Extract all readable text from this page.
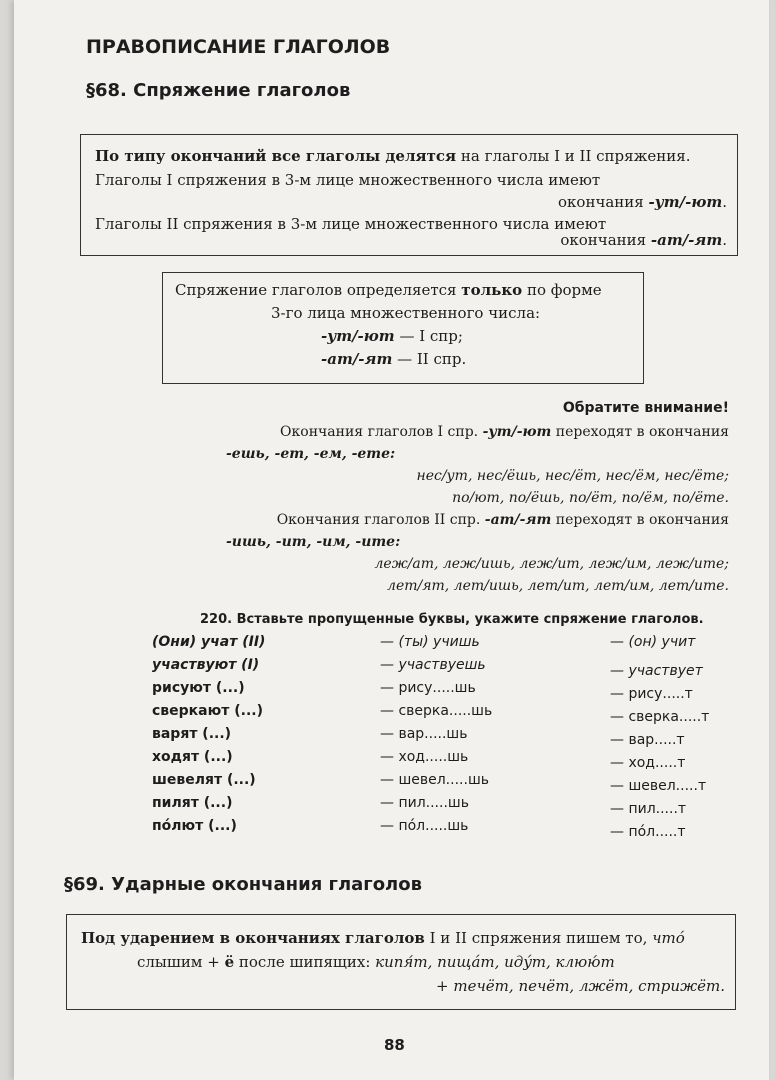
ПРАВОПИСАНИЕ ГЛАГОЛОВ
§68. Спряжение глаголов
По типу окончаний все глаголы делятся на глаголы I и II спряжения.
Глаголы I спряжения в 3-м лице множественного числа имеют
окончания -ут/-ют.
Глаголы II спряжения в 3-м лице множественного числа имеют
окончания -ат/-ят.
Спряжение глаголов определяется только по форме
3-го лица множественного числа:
-ут/-ют — I спр;
-ат/-ят — II спр.
Обратите внимание!
Окончания глаголов I спр. -ут/-ют переходят в окончания
-ешь, -ет, -ем, -ете:
нес/ут, нес/ёшь, нес/ёт, нес/ём, нес/ёте;
по/ют, по/ёшь, по/ёт, по/ём, по/ёте.
Окончания глаголов II спр. -ат/-ят переходят в окончания
-ишь, -ит, -им, -ите:
леж/ат, леж/ишь, леж/ит, леж/им, леж/ите;
лет/ят, лет/ишь, лет/ит, лет/им, лет/ите.
220. Вставьте пропущенные буквы, укажите спряжение глаголов.
(Они) учат (II)	— (ты) учишь	— (он) учит
участвуют (I)	— участвуешь	— участвует
рисуют (...)	— рису.....шь	— рису.....т
сверкают (...)	— сверка.....шь	— сверка.....т
варят (...)	— вар.....шь	— вар.....т
ходят (...)	— ход.....шь	— ход.....т
шевелят (...)	— шевел.....шь	— шевел.....т
пилят (...)	— пил.....шь	— пил.....т
пóлют (...)	— пóл.....шь	— пóл.....т
§69. Ударные окончания глаголов
Под ударением в окончаниях глаголов I и II спряжения пишем то, чтó
слышим + ё после шипящих: кипя́т, пищáт, идýт, клюю́т
+ течёт, печёт, лжёт, стрижёт.
88
